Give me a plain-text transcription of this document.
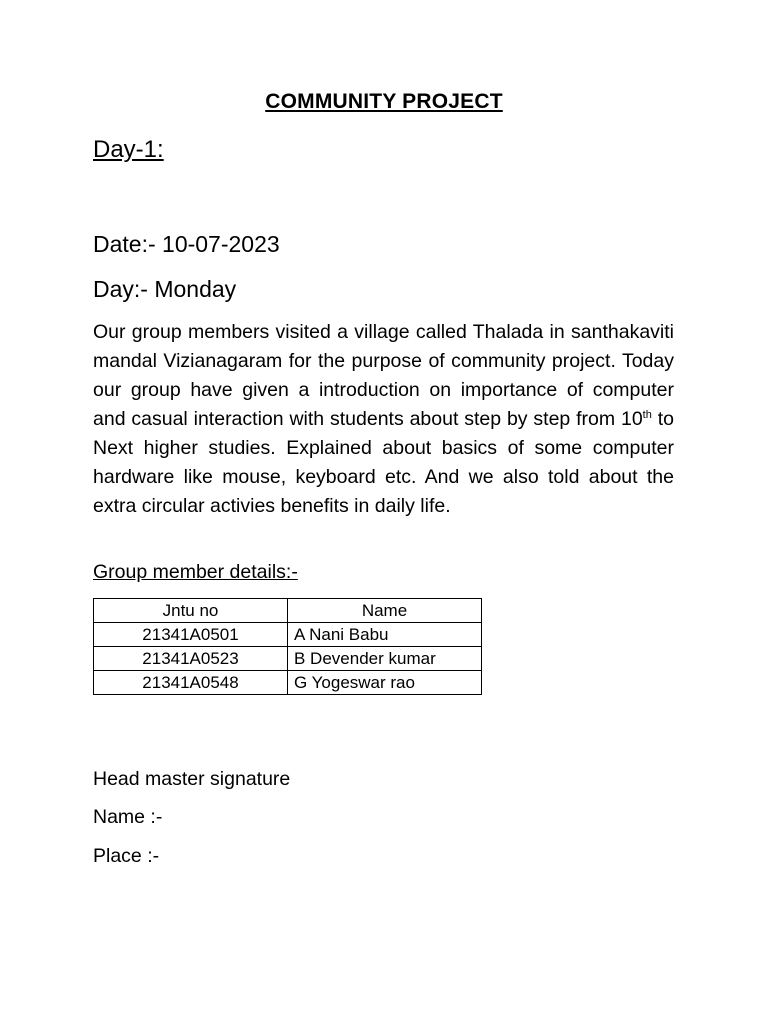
COMMUNITY PROJECT
Day-1:
Date:- 10-07-2023
Day:- Monday

Our group members visited a village called Thalada in santhakaviti mandal Vizianagaram for the purpose of community project. Today our group have given a introduction on importance of computer and casual interaction with students about step by step from 10th to Next higher studies. Explained about basics of some computer hardware like mouse, keyboard etc. And we also told about the extra circular activies benefits in daily life.

Group member details:-
Jntu no	Name
21341A0501	A Nani Babu
21341A0523	B Devender kumar
21341A0548	G Yogeswar rao
Head master signature
Name :-
Place :-
